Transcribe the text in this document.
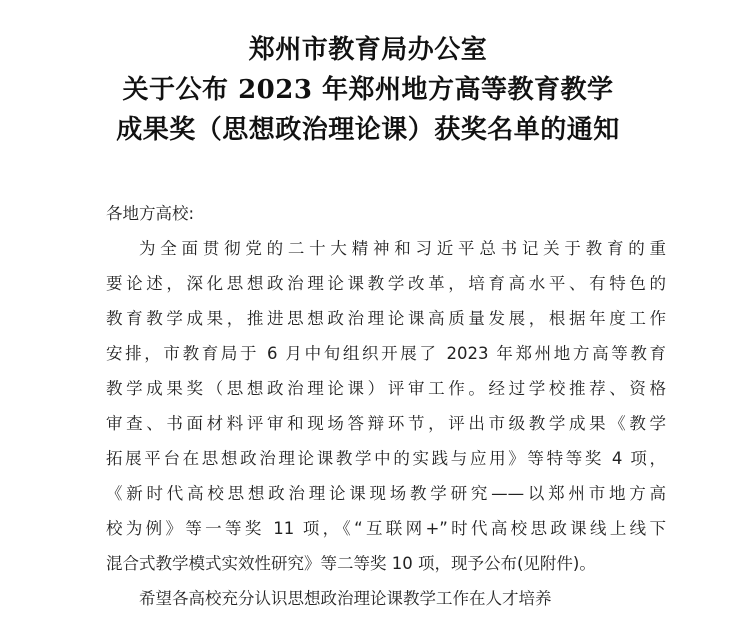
郑州市教育局办公室
关于公布 2023 年郑州地方高等教育教学
成果奖（思想政治理论课）获奖名单的通知

各地方高校:

为全面贯彻党的二十大精神和习近平总书记关于教育的重
要论述，深化思想政治理论课教学改革，培育高水平、有特色的
教育教学成果，推进思想政治理论课高质量发展，根据年度工作
安排，市教育局于 6 月中旬组织开展了 2023 年郑州地方高等教育
教学成果奖（思想政治理论课）评审工作。经过学校推荐、资格
审查、书面材料评审和现场答辩环节，评出市级教学成果《教学
拓展平台在思想政治理论课教学中的实践与应用》等特等奖 4 项，
《新时代高校思想政治理论课现场教学研究——以郑州市地方高
校为例》等一等奖 11 项，《“互联网+”时代高校思政课线上线下
混合式教学模式实效性研究》等二等奖 10 项，现予公布(见附件)。
希望各高校充分认识思想政治理论课教学工作在人才培养
